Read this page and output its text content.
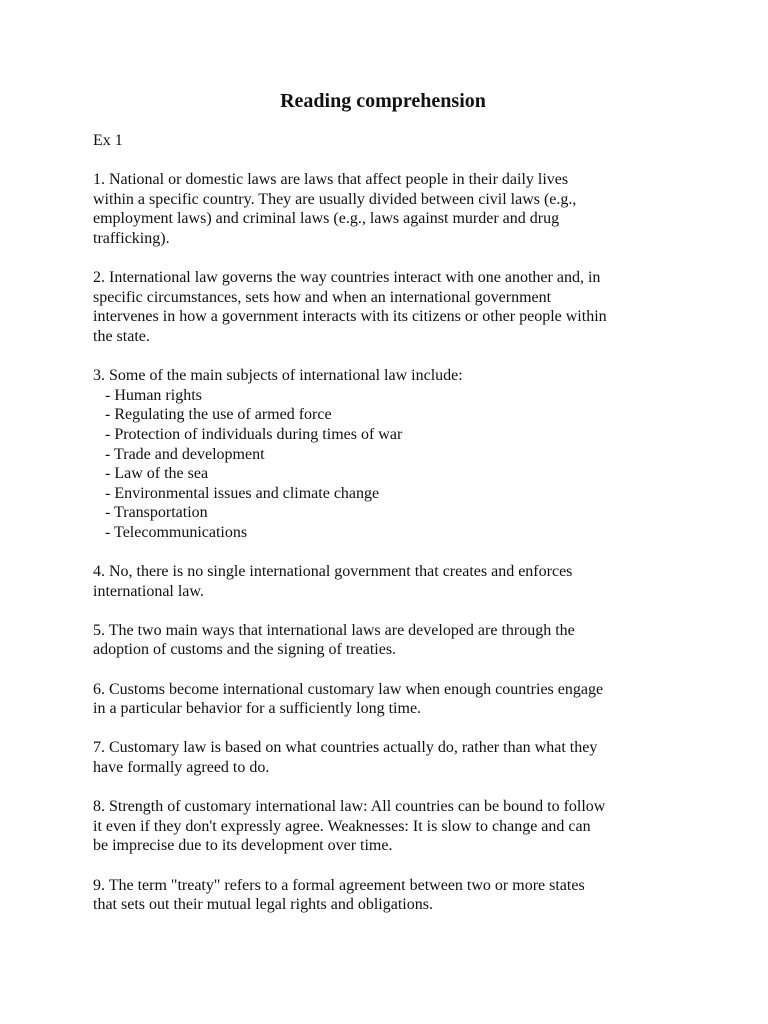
Reading comprehension
Ex 1
1. National or domestic laws are laws that affect people in their daily lives
within a specific country. They are usually divided between civil laws (e.g.,
employment laws) and criminal laws (e.g., laws against murder and drug
trafficking).
2. International law governs the way countries interact with one another and, in
specific circumstances, sets how and when an international government
intervenes in how a government interacts with its citizens or other people within
the state.
3. Some of the main subjects of international law include:
- Human rights
- Regulating the use of armed force
- Protection of individuals during times of war
- Trade and development
- Law of the sea
- Environmental issues and climate change
- Transportation
- Telecommunications
4. No, there is no single international government that creates and enforces
international law.
5. The two main ways that international laws are developed are through the
adoption of customs and the signing of treaties.
6. Customs become international customary law when enough countries engage
in a particular behavior for a sufficiently long time.
7. Customary law is based on what countries actually do, rather than what they
have formally agreed to do.
8. Strength of customary international law: All countries can be bound to follow
it even if they don't expressly agree. Weaknesses: It is slow to change and can
be imprecise due to its development over time.
9. The term "treaty" refers to a formal agreement between two or more states
that sets out their mutual legal rights and obligations.
